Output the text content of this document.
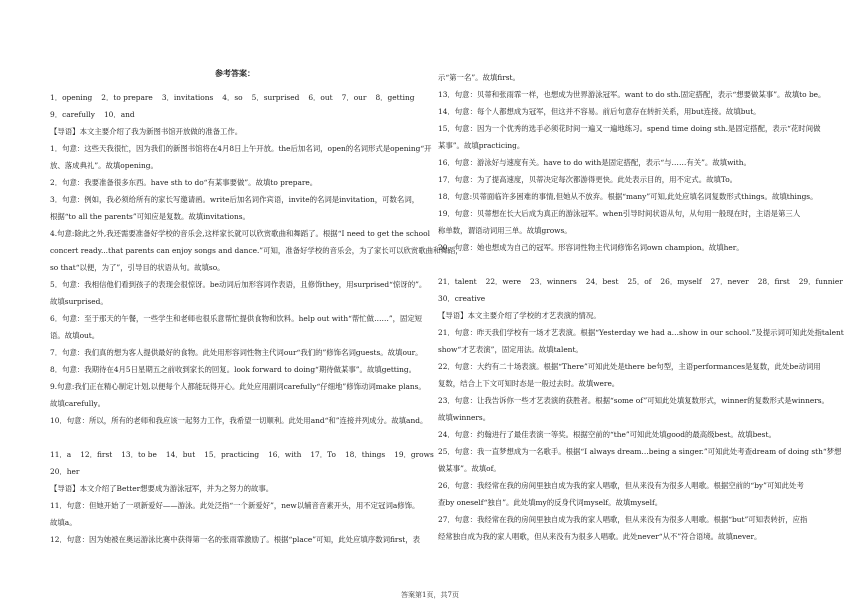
参考答案：
1．opening 2．to prepare 3．invitations 4．so 5．surprised 6．out 7．our 8．getting
9．carefully 10．and
【导语】本文主要介绍了我为新图书馆开放做的准备工作。
1．句意：这些天我很忙，因为我们的新图书馆将在4月8日上午开放。the后加名词，open的名词形式是opening“开
放、落成典礼”。故填opening。
2．句意：我要准备很多东西。have sth to do“有某事要做”。故填to prepare。
3．句意：例如，我必须给所有的家长写邀请函。write后加名词作宾语，invite的名词是invitation，可数名词，
根据“to all the parents”可知应是复数。故填invitations。
4.句意:除此之外,我还需要准备好学校的音乐会,这样家长就可以欣赏歌曲和舞蹈了。根据“I need to get the school
concert ready...that parents can enjoy songs and dance.”可知，准备好学校的音乐会，为了家长可以欣赏歌曲和舞蹈，
so that“以便，为了”，引导目的状语从句。故填so。
5．句意：我相信他们看到孩子的表现会很惊讶。be动词后加形容词作表语，且修饰they，用surprised“惊讶的”。
故填surprised。
6．句意：至于那天的午餐，一些学生和老师也很乐意帮忙提供食物和饮料。help out with“帮忙做……”，固定短
语。故填out。
7．句意：我们真的想为客人提供最好的食物。此处用形容词性物主代词our“我们的”修饰名词guests。故填our。
8．句意：我期待在4月5日星期五之前收到家长的回复。look forward to doing“期待做某事”。故填getting。
9.句意:我们正在精心制定计划,以便每个人都能玩得开心。此处应用副词carefully“仔细地”修饰动词make plans。
故填carefully。
10．句意：所以，所有的老师和我应该一起努力工作，我希望一切顺利。此处用and“和”连接并列成分。故填and。
11．a 12．first 13．to be 14．but 15．practicing 16．with 17．To 18．things 19．grows
20．her
【导语】本文介绍了Better想要成为游泳冠军，并为之努力的故事。
11．句意：但她开始了一项新爱好——游泳。此处泛指“一个新爱好”，new以辅音音素开头，用不定冠词a修饰。
故填a。
12．句意：因为她被在奥运游泳比赛中获得第一名的张雨霏激励了。根据“place”可知，此处应填序数词first，表
示“第一名”。故填first。
13．句意：贝蒂和张雨霏一样，也想成为世界游泳冠军。want to do sth.固定搭配，表示“想要做某事”。故填to be。
14．句意：每个人都想成为冠军，但这并不容易。前后句意存在转折关系，用but连接。故填but。
15．句意：因为一个优秀的选手必须花时间一遍又一遍地练习。spend time doing sth.是固定搭配，表示“花时间做
某事”。故填practicing。
16．句意：游泳好与速度有关。have to do with是固定搭配，表示“与……有关”。故填with。
17．句意：为了提高速度，贝蒂决定每次都游得更快。此处表示目的，用不定式。故填To。
18．句意:贝蒂面临许多困难的事情,但她从不放弃。根据“many”可知,此处应填名词复数形式things。故填things。
19．句意：贝蒂想在长大后成为真正的游泳冠军。when引导时间状语从句，从句用一般现在时，主语是第三人
称单数，谓语动词用三单。故填grows。
20．句意：她也想成为自己的冠军。形容词性物主代词修饰名词own champion。故填her。
21．talent 22．were 23．winners 24．best 25．of 26．myself 27．never 28．first 29．funnier
30．creative
【导语】本文主要介绍了学校的才艺表演的情况。
21．句意：昨天我们学校有一场才艺表演。根据“Yesterday we had a…show in our school.”及提示词可知此处指talent
show“才艺表演”，固定用法。故填talent。
22．句意：大约有二十场表演。根据“There”可知此处是there be句型，主语performances是复数，此处be动词用
复数，结合上下文可知时态是一般过去时。故填were。
23．句意：让我告诉你一些才艺表演的获胜者。根据“some of”可知此处填复数形式，winner的复数形式是winners。
故填winners。
24．句意：约翰进行了最佳表演一等奖。根据空前的“the”可知此处填good的最高级best。故填best。
25．句意：我一直梦想成为一名歌手。根据“I always dream…being a singer.”可知此处考查dream of doing sth“梦想
做某事”。故填of。
26．句意：我经常在我的房间里独自成为我的家人唱歌，但从来没有为很多人唱歌。根据空前的“by”可知此处考
查by oneself“独自”。此处填my的反身代词myself。故填myself。
27．句意：我经常在我的房间里独自成为我的家人唱歌，但从来没有为很多人唱歌。根据“but”可知表转折，应指
经常独自成为我的家人唱歌，但从来没有为很多人唱歌。此处never“从不”符合语境。故填never。
答案第1页，共7页
